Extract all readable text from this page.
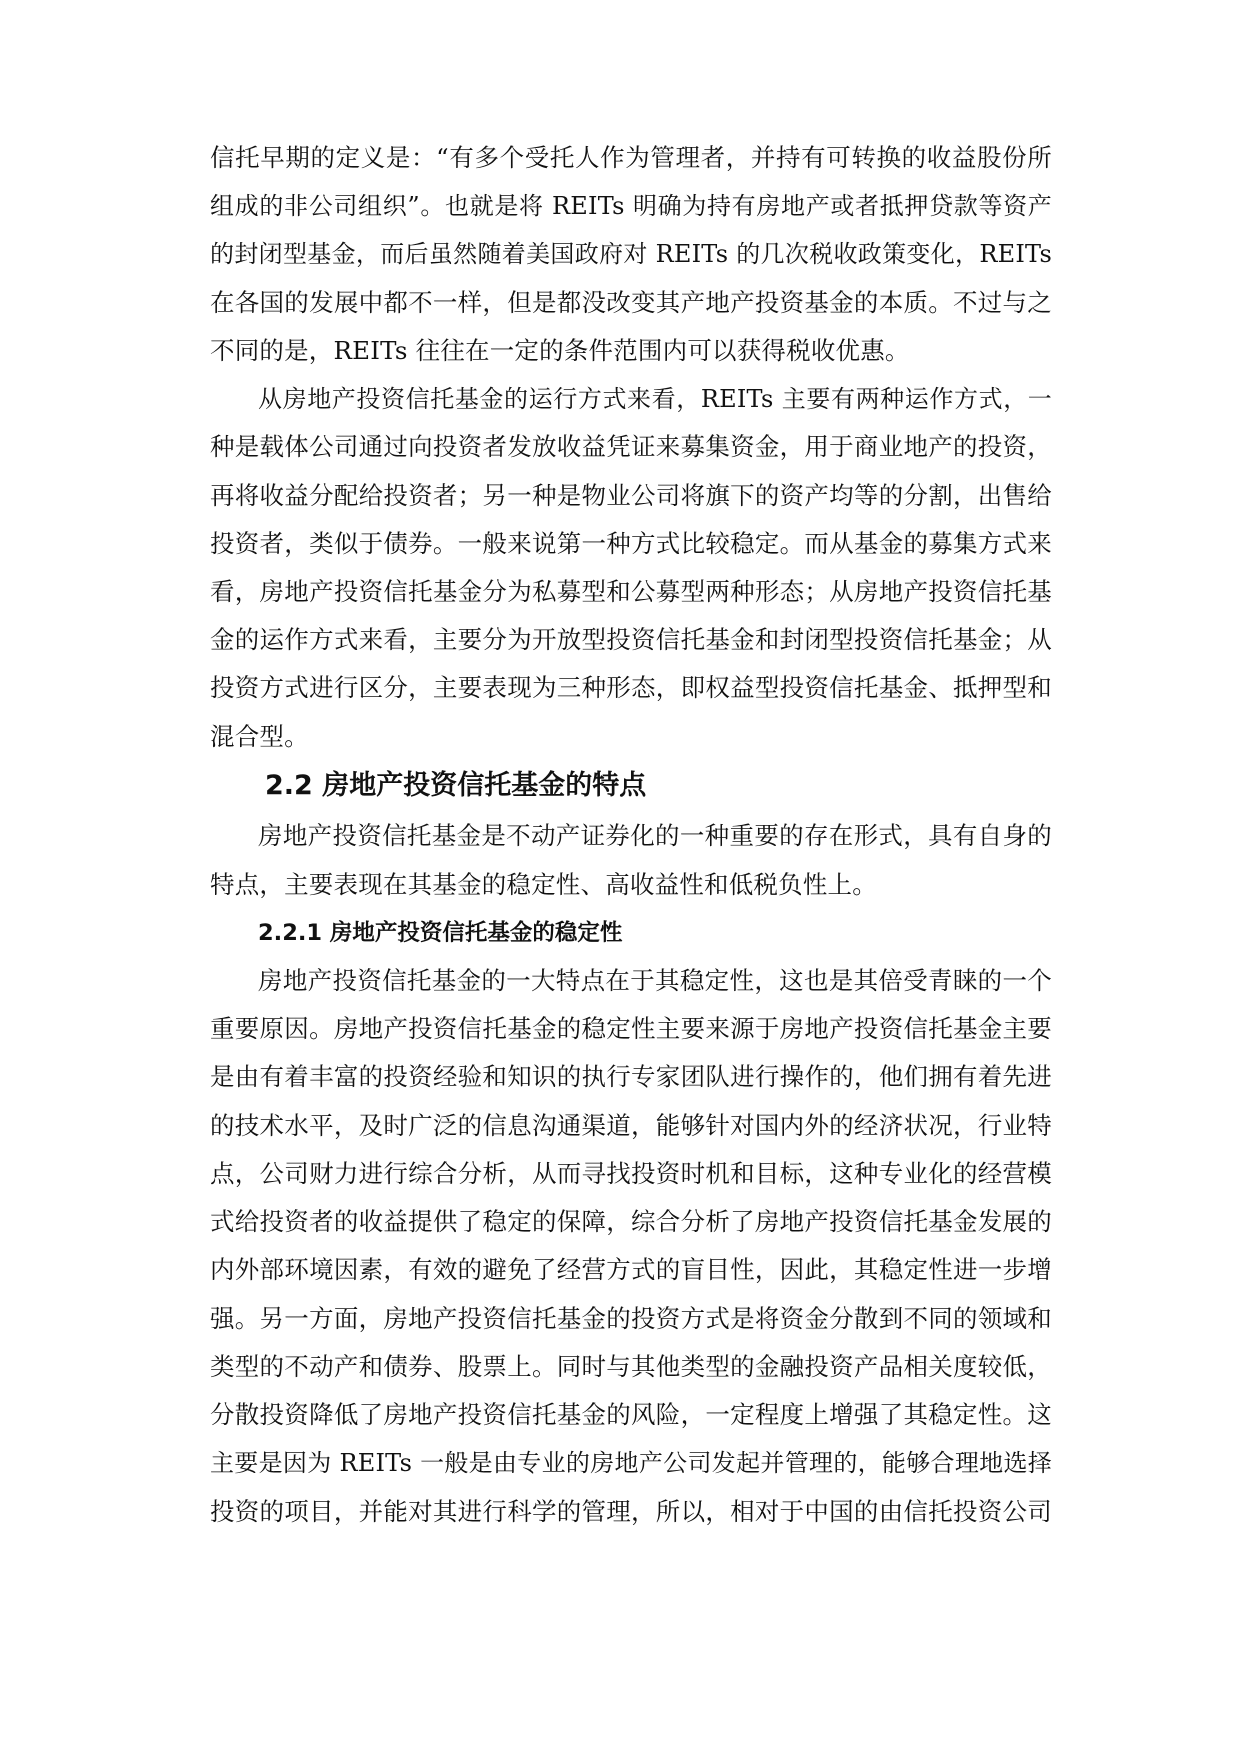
信托早期的定义是：“有多个受托人作为管理者，并持有可转换的收益股份所
组成的非公司组织”。也就是将 REITs 明确为持有房地产或者抵押贷款等资产
的封闭型基金，而后虽然随着美国政府对 REITs 的几次税收政策变化，REITs
在各国的发展中都不一样，但是都没改变其产地产投资基金的本质。不过与之
不同的是，REITs 往往在一定的条件范围内可以获得税收优惠。
从房地产投资信托基金的运行方式来看，REITs 主要有两种运作方式，一
种是载体公司通过向投资者发放收益凭证来募集资金，用于商业地产的投资，
再将收益分配给投资者；另一种是物业公司将旗下的资产均等的分割，出售给
投资者，类似于债券。一般来说第一种方式比较稳定。而从基金的募集方式来
看，房地产投资信托基金分为私募型和公募型两种形态；从房地产投资信托基
金的运作方式来看，主要分为开放型投资信托基金和封闭型投资信托基金；从
投资方式进行区分，主要表现为三种形态，即权益型投资信托基金、抵押型和
混合型。
2.2 房地产投资信托基金的特点
房地产投资信托基金是不动产证券化的一种重要的存在形式，具有自身的
特点，主要表现在其基金的稳定性、高收益性和低税负性上。
2.2.1 房地产投资信托基金的稳定性
房地产投资信托基金的一大特点在于其稳定性，这也是其倍受青睐的一个
重要原因。房地产投资信托基金的稳定性主要来源于房地产投资信托基金主要
是由有着丰富的投资经验和知识的执行专家团队进行操作的，他们拥有着先进
的技术水平，及时广泛的信息沟通渠道，能够针对国内外的经济状况，行业特
点，公司财力进行综合分析，从而寻找投资时机和目标，这种专业化的经营模
式给投资者的收益提供了稳定的保障，综合分析了房地产投资信托基金发展的
内外部环境因素，有效的避免了经营方式的盲目性，因此，其稳定性进一步增
强。另一方面，房地产投资信托基金的投资方式是将资金分散到不同的领域和
类型的不动产和债券、股票上。同时与其他类型的金融投资产品相关度较低，
分散投资降低了房地产投资信托基金的风险，一定程度上增强了其稳定性。这
主要是因为 REITs 一般是由专业的房地产公司发起并管理的，能够合理地选择
投资的项目，并能对其进行科学的管理，所以，相对于中国的由信托投资公司
